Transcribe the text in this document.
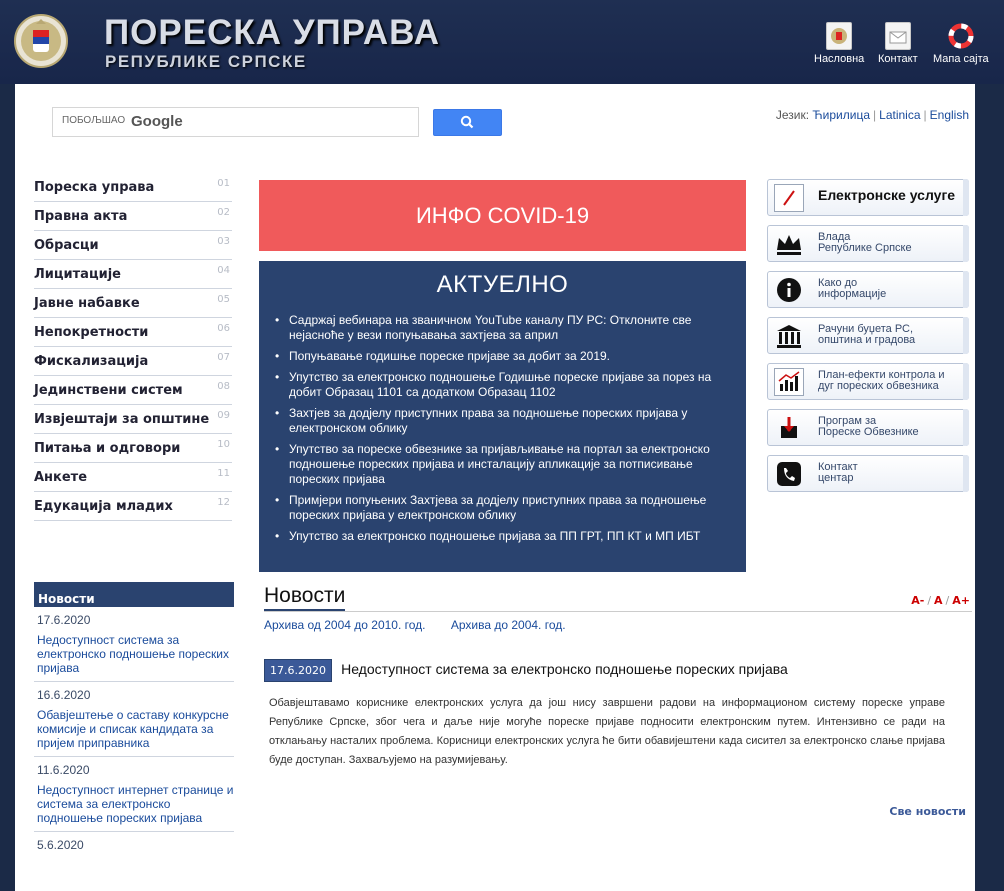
ПОРЕСКА УПРАВА
РЕПУБЛИКЕ СРПСКЕ	Насловна Контакт Мапа сајта
ПОБОЉШАО Google	Језик: Ћирилица | Latinica | English
Пореска управа	01
Правна акта	02
Обрасци	03
Лицитације	04
Јавне набавке	05
Непокретности	06
Фискализација	07
Јединствени систем	08
Извјештаји за општине 09
Питања и одговори	10
Анкете	11
Едукација младих	12
ИНФО COVID-19
АКТУЕЛНО
• Садржај вебинара на званичном YouTube каналу ПУ РС: Отклоните све нејасноће у вези попуњавања захтјева за април
• Попуњавање годишње пореске пријаве за добит за 2019.
• Упутство за електронско подношење Годишње пореске пријаве за порез на добит Образац 1101 са додатком Образац 1102
• Захтјев за додјелу приступних права за подношење пореских пријава у електронском облику
• Упутство за пореске обвезнике за пријављивање на портал за електронско подношење пореских пријава и инсталацију апликације за потписивање пореских пријава
• Примјери попуњених Захтјева за додјелу приступних права за подношење пореских пријава у електронском облику
• Упутство за електронско подношење пријава за ПП ГРТ, ПП КТ и МП ИБТ
Електронске услуге
Влада
Републике Српске
Како до
информације
Рачуни буџета РС,
општина и градова
План-ефекти контрола и
дуг пореских обвезника
Програм за
Пореске Обвезнике
Контакт
центар
Новости
17.6.2020
Недоступност система за електронско подношење пореских пријава
16.6.2020
Обавјештење о саставу конкурсне комисије и списак кандидата за пријем приправника
11.6.2020
Недоступност интернет странице и система за електронско подношење пореских пријава
5.6.2020
Новости	A- / A / A+
Архива од 2004 до 2010. год. Архива до 2004. год.
17.6.2020 Недоступност система за електронско подношење пореских пријава
Обавјештавамо кориснике електронских услуга да још нису завршени радови на информационом систему пореске управе Републике Српске, због чега и даље није могуће пореске пријаве подносити електронским путем. Интензивно се ради на отклањању насталих проблема. Корисници електронских услуга ће бити обавијештени када сисител за електронско слање пријава буде доступан. Захваљујемо на разумијевању.
Све новости
